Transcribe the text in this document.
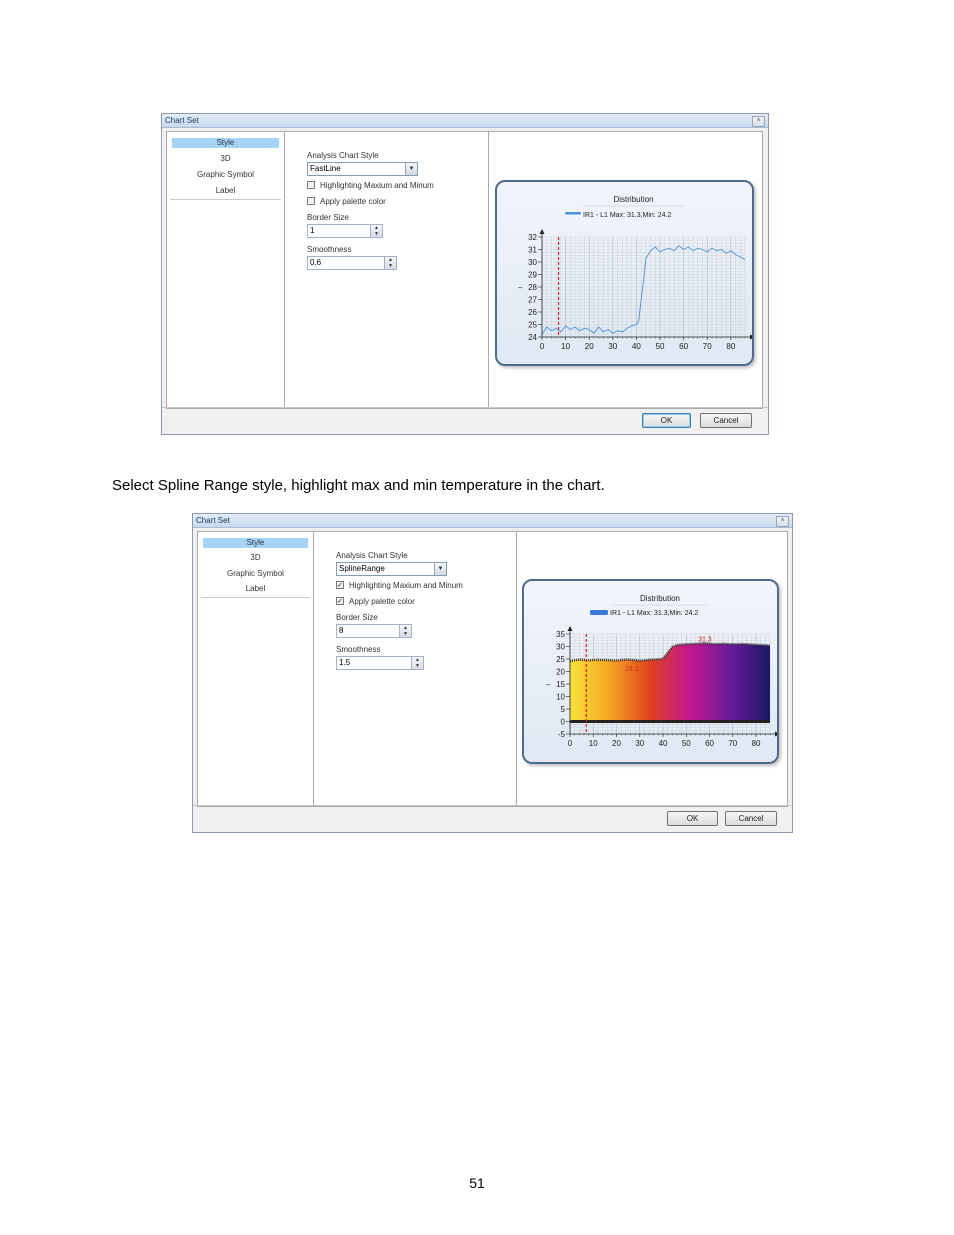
Chart Set	×
Style
3D
Graphic Symbol
Label
Analysis Chart Style
FastLine	▼
Highlighting Maxium and Minum
Apply palette color
Border Size
1	▲
▼
Smoothness
0.6	▲
▼
Distribution
IR1 - L1 Max: 31.3,Min: 24.2
0 10 20 30 40 50 60 70 80
32
31
30
29
28
27
26
25
24
–
OK	Cancel
Select Spline Range style, highlight max and min temperature in the chart.
Chart Set	×
Style
3D
Graphic Symbol
Label
Analysis Chart Style
SplineRange	▼
✓ Highlighting Maxium and Minum
✓ Apply palette color
Border Size
8	▲
▼
Smoothness
1.5	▲
▼
Distribution
IR1 - L1 Max: 31.3,Min: 24.2
31.3
24.2
0 10 20 30 40 50 60 70 80
35
30
25
20
15
10
5
0
-5
–
OK	Cancel
51
